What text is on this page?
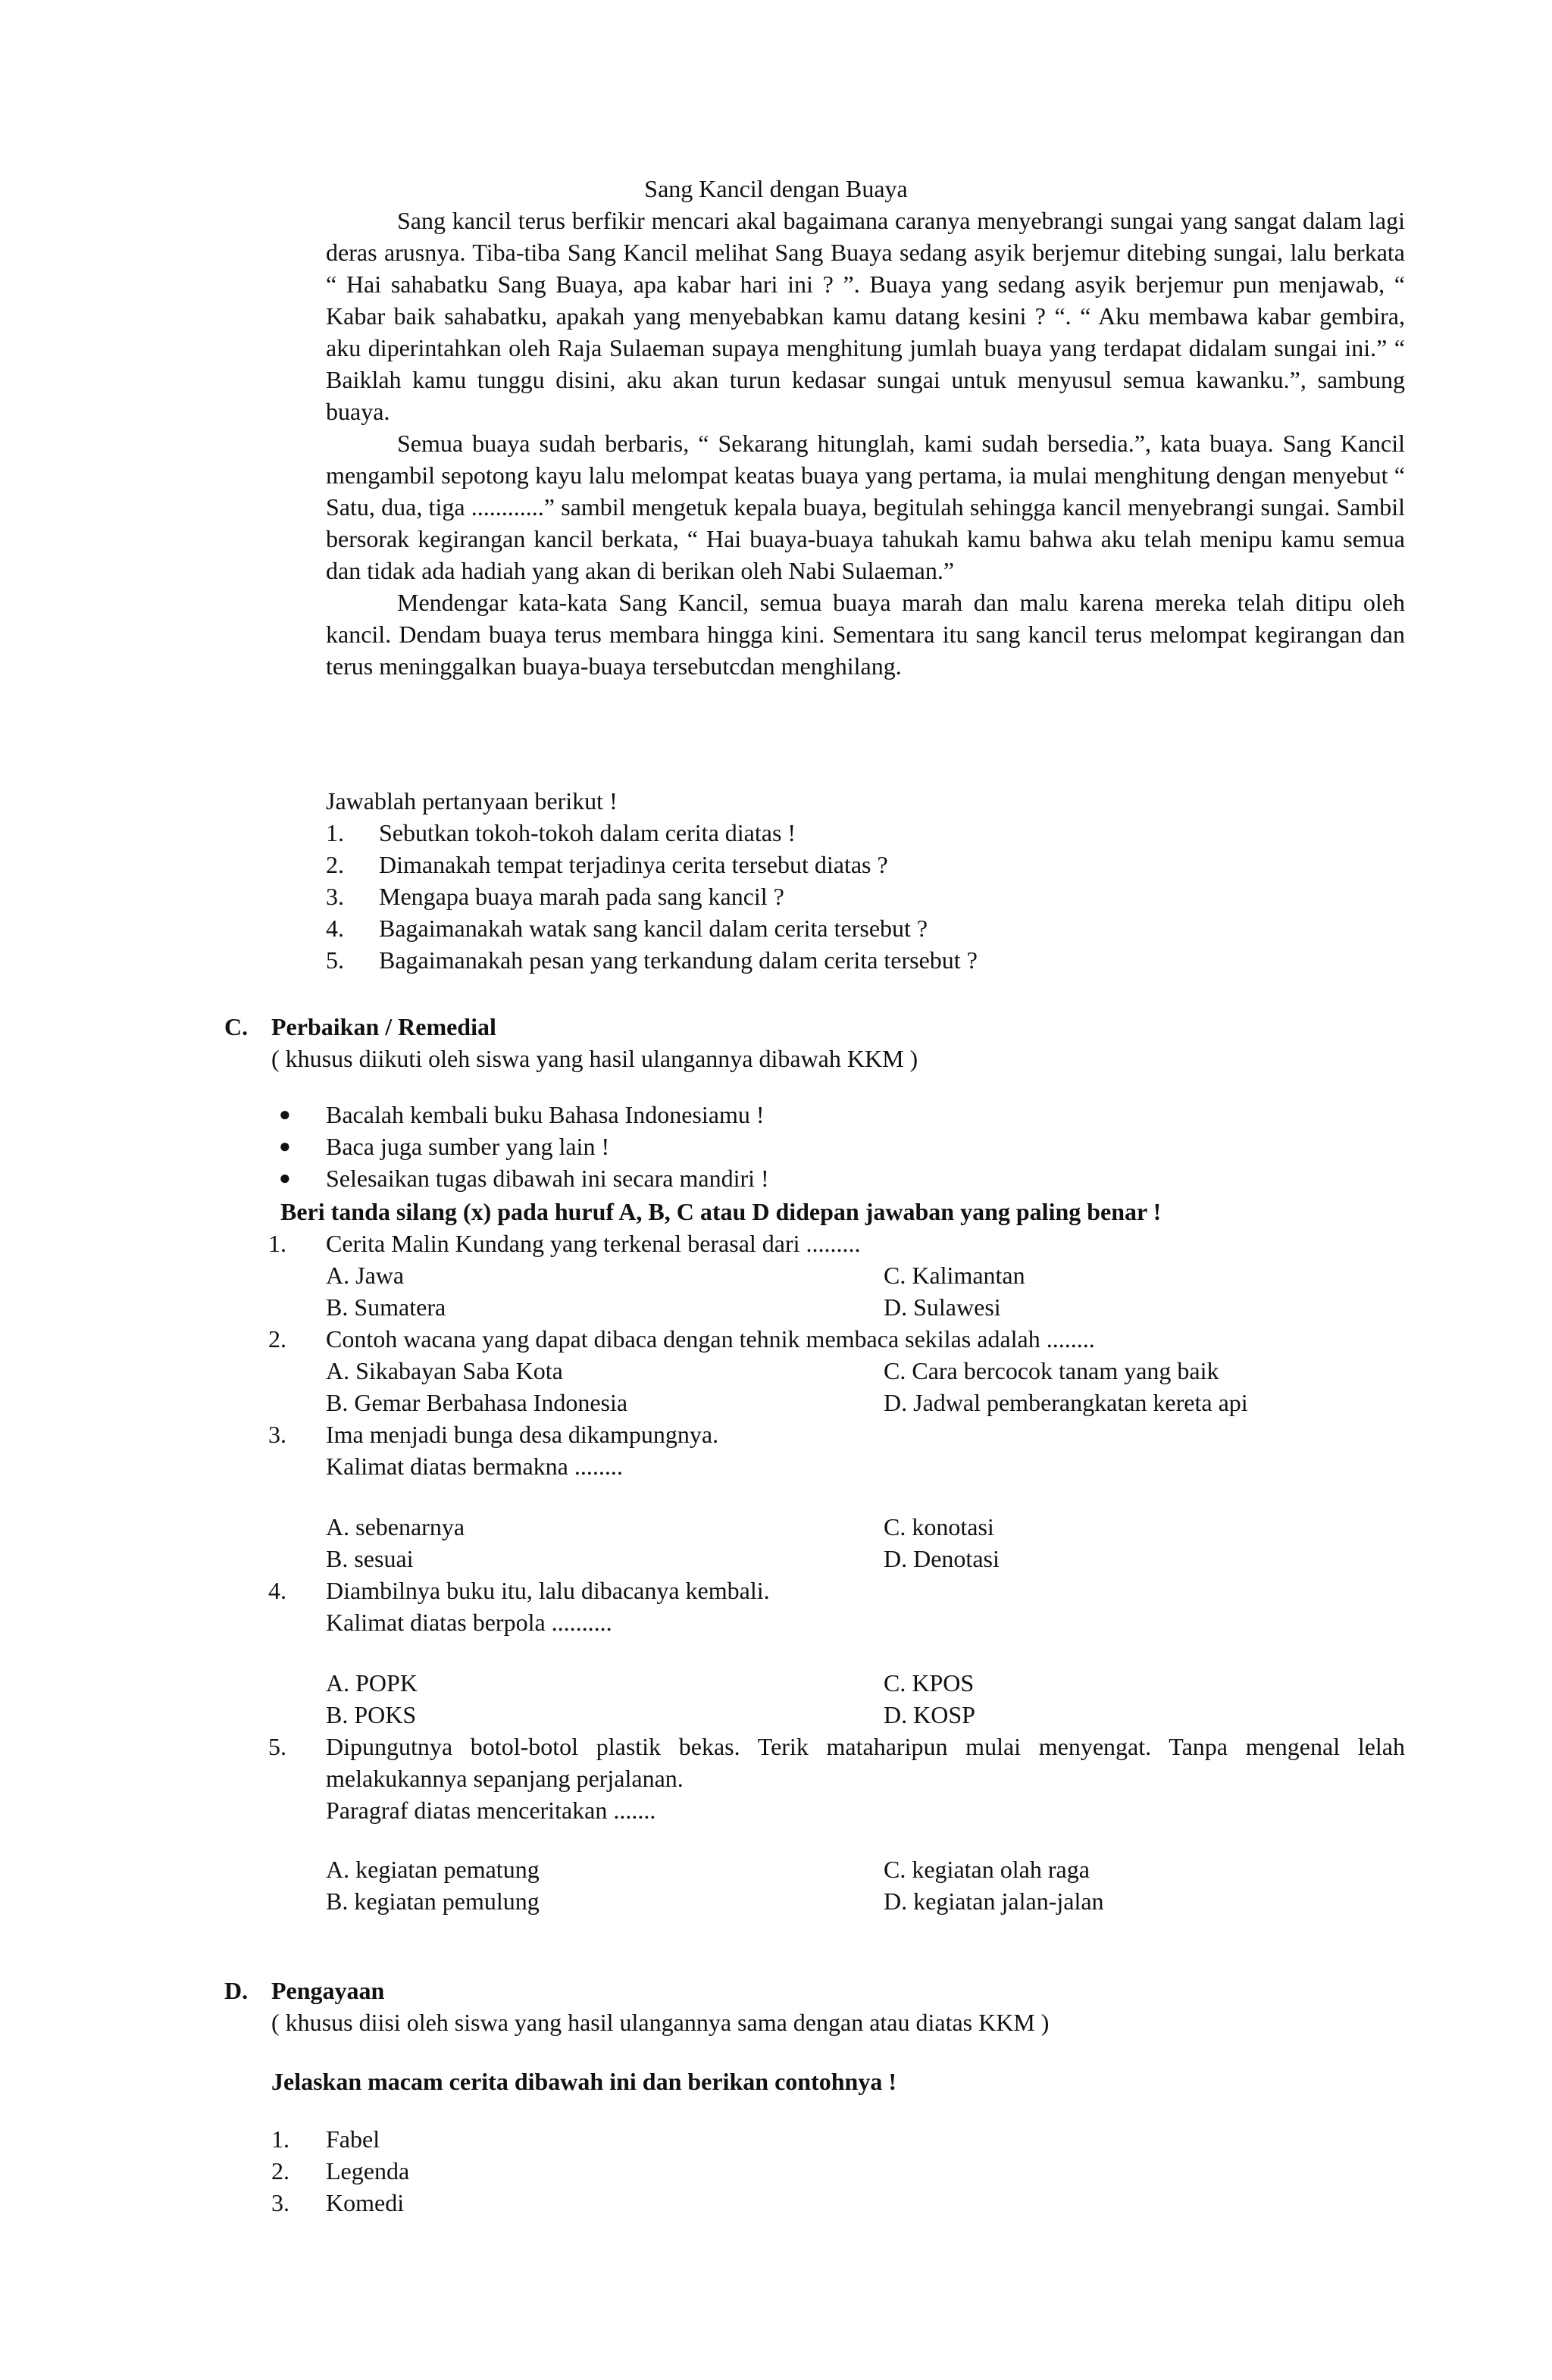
Sang Kancil dengan Buaya

Sang kancil terus berfikir mencari akal bagaimana caranya menyebrangi sungai yang sangat dalam lagi deras arusnya. Tiba-tiba Sang Kancil melihat Sang Buaya sedang asyik berjemur ditebing sungai, lalu berkata “ Hai sahabatku Sang Buaya, apa kabar hari ini ? ”. Buaya yang sedang asyik berjemur pun menjawab, “ Kabar baik sahabatku, apakah yang menyebabkan kamu datang kesini ? “. “ Aku membawa kabar gembira, aku diperintahkan oleh Raja Sulaeman supaya menghitung jumlah buaya yang terdapat didalam sungai ini.” “ Baiklah kamu tunggu disini, aku akan turun kedasar sungai untuk menyusul semua kawanku.”, sambung buaya.

Semua buaya sudah berbaris, “ Sekarang hitunglah, kami sudah bersedia.”, kata buaya. Sang Kancil mengambil sepotong kayu lalu melompat keatas buaya yang pertama, ia mulai menghitung dengan menyebut “ Satu, dua, tiga ............” sambil mengetuk kepala buaya, begitulah sehingga kancil menyebrangi sungai. Sambil bersorak kegirangan kancil berkata, “ Hai buaya-buaya tahukah kamu bahwa aku telah menipu kamu semua dan tidak ada hadiah yang akan di berikan oleh Nabi Sulaeman.”

Mendengar kata-kata Sang Kancil, semua buaya marah dan malu karena mereka telah ditipu oleh kancil. Dendam buaya terus membara hingga kini. Sementara itu sang kancil terus melompat kegirangan dan terus meninggalkan buaya-buaya tersebutcdan menghilang.

Jawablah pertanyaan berikut !
1. Sebutkan tokoh-tokoh dalam cerita diatas !
2. Dimanakah tempat terjadinya cerita tersebut diatas ?
3. Mengapa buaya marah pada sang kancil ?
4. Bagaimanakah watak sang kancil dalam cerita tersebut ?
5. Bagaimanakah pesan yang terkandung dalam cerita tersebut ?
C. Perbaikan / Remedial
( khusus diikuti oleh siswa yang hasil ulangannya dibawah KKM )
● Bacalah kembali buku Bahasa Indonesiamu !
● Baca juga sumber yang lain !
● Selesaikan tugas dibawah ini secara mandiri !
Beri tanda silang (x) pada huruf A, B, C atau D didepan jawaban yang paling benar !
1. Cerita Malin Kundang yang terkenal berasal dari .........
A. Jawa	C. Kalimantan
B. Sumatera	D. Sulawesi
2. Contoh wacana yang dapat dibaca dengan tehnik membaca sekilas adalah ........
A. Sikabayan Saba Kota	C. Cara bercocok tanam yang baik
B. Gemar Berbahasa Indonesia	D. Jadwal pemberangkatan kereta api
3. Ima menjadi bunga desa dikampungnya.
Kalimat diatas bermakna ........
A. sebenarnya	C. konotasi
B. sesuai	D. Denotasi
4. Diambilnya buku itu, lalu dibacanya kembali.
Kalimat diatas berpola ..........
A. POPK	C. KPOS
B. POKS	D. KOSP
5. Dipungutnya botol-botol plastik bekas. Terik mataharipun mulai menyengat. Tanpa mengenal lelah melakukannya sepanjang perjalanan.
Paragraf diatas menceritakan .......
A. kegiatan pematung	C. kegiatan olah raga
B. kegiatan pemulung	D. kegiatan jalan-jalan
D. Pengayaan
( khusus diisi oleh siswa yang hasil ulangannya sama dengan atau diatas KKM )
Jelaskan macam cerita dibawah ini dan berikan contohnya !
1. Fabel
2. Legenda
3. Komedi
